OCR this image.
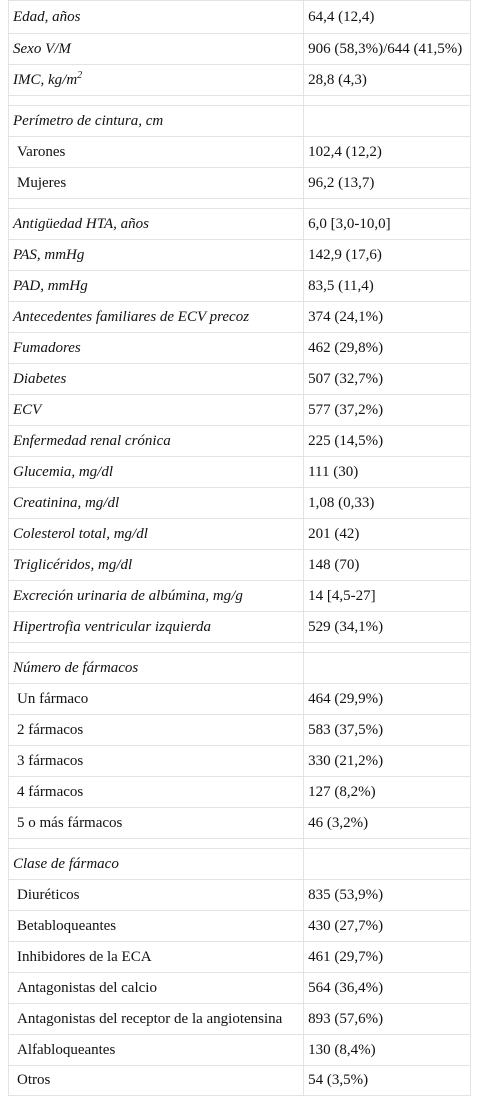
Edad, años	64,4 (12,4)
Sexo V/M	906 (58,3%)/644 (41,5%)
IMC, $kg/m^2$	28,8 (4,3)

Perímetro de cintura, cm	
Varones	102,4 (12,2)
Mujeres	96,2 (13,7)

Antigüedad HTA, años	6,0 [3,0-10,0]
PAS, mmHg	142,9 (17,6)
PAD, mmHg	83,5 (11,4)
Antecedentes familiares de ECV precoz	374 (24,1%)
Fumadores	462 (29,8%)
Diabetes	507 (32,7%)
ECV	577 (37,2%)
Enfermedad renal crónica	225 (14,5%)
Glucemia, mg/dl	111 (30)
Creatinina, mg/dl	1,08 (0,33)
Colesterol total, mg/dl	201 (42)
Triglicéridos, mg/dl	148 (70)
Excreción urinaria de albúmina, mg/g	14 [4,5-27]
Hipertrofia ventricular izquierda	529 (34,1%)

Número de fármacos	
Un fármaco	464 (29,9%)
2 fármacos	583 (37,5%)
3 fármacos	330 (21,2%)
4 fármacos	127 (8,2%)
5 o más fármacos	46 (3,2%)

Clase de fármaco	
Diuréticos	835 (53,9%)
Betabloqueantes	430 (27,7%)
Inhibidores de la ECA	461 (29,7%)
Antagonistas del calcio	564 (36,4%)
Antagonistas del receptor de la angiotensina	893 (57,6%)
Alfabloqueantes	130 (8,4%)
Otros	54 (3,5%)
